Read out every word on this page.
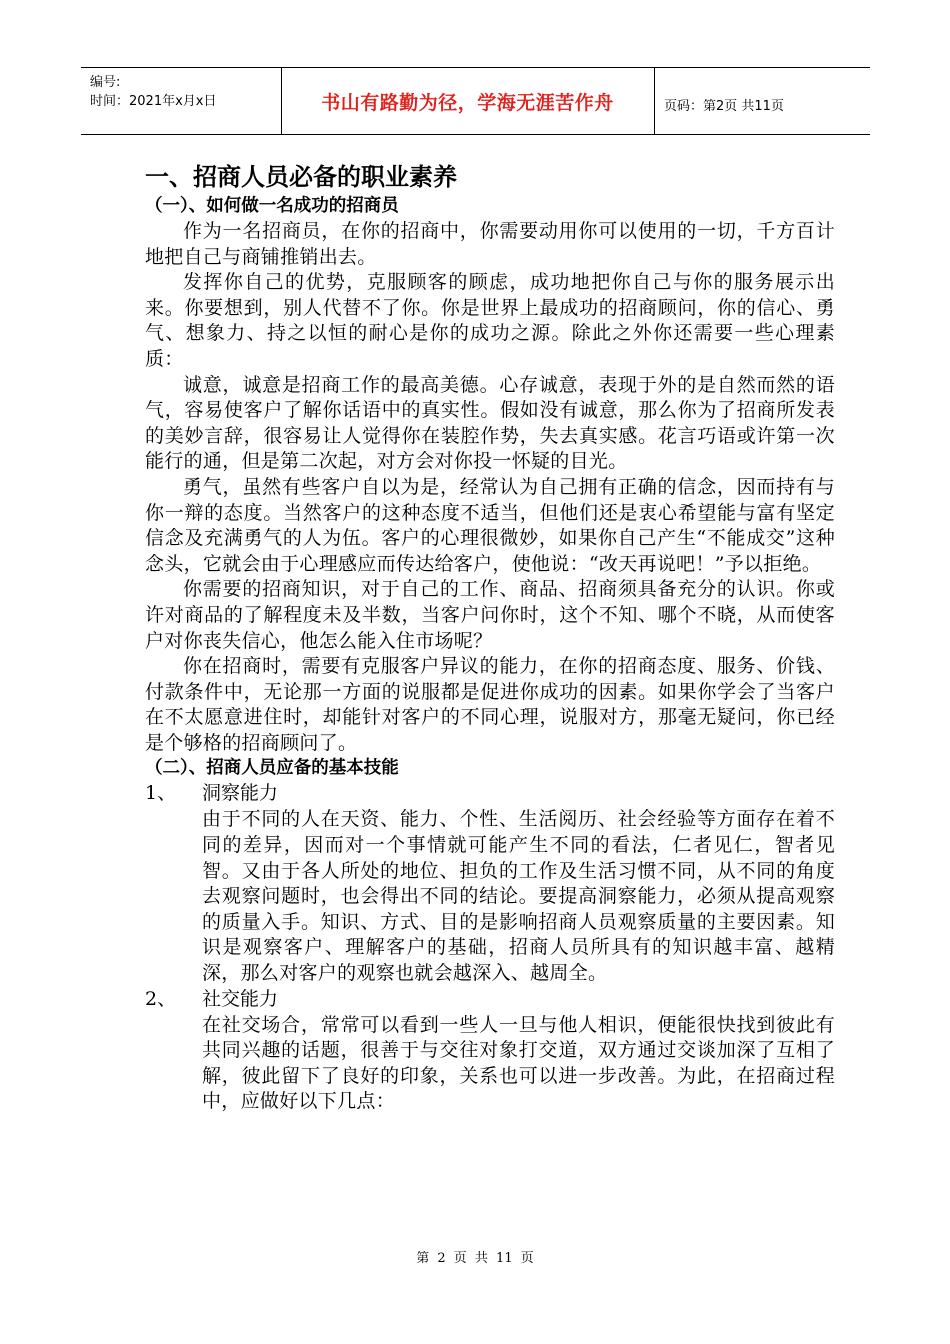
编号:
时间：2021年x月x日	书山有路勤为径，学海无涯苦作舟	页码：第2页 共11页
一、招商人员必备的职业素养
（一）、如何做一名成功的招商员

作为一名招商员，在你的招商中，你需要动用你可以使用的一切，千方百计地把自己与商铺推销出去。

发挥你自己的优势，克服顾客的顾虑，成功地把你自己与你的服务展示出来。你要想到，别人代替不了你。你是世界上最成功的招商顾问，你的信心、勇气、想象力、持之以恒的耐心是你的成功之源。除此之外你还需要一些心理素质：

诚意，诚意是招商工作的最高美德。心存诚意，表现于外的是自然而然的语气，容易使客户了解你话语中的真实性。假如没有诚意，那么你为了招商所发表的美妙言辞，很容易让人觉得你在装腔作势，失去真实感。花言巧语或许第一次能行的通，但是第二次起，对方会对你投一怀疑的目光。

勇气，虽然有些客户自以为是，经常认为自己拥有正确的信念，因而持有与你一辩的态度。当然客户的这种态度不适当，但他们还是衷心希望能与富有坚定信念及充满勇气的人为伍。客户的心理很微妙，如果你自己产生“不能成交”这种念头，它就会由于心理感应而传达给客户，使他说：“改天再说吧！”予以拒绝。

你需要的招商知识，对于自己的工作、商品、招商须具备充分的认识。你或许对商品的了解程度未及半数，当客户问你时，这个不知、哪个不晓，从而使客户对你丧失信心，他怎么能入住市场呢？

你在招商时，需要有克服客户异议的能力，在你的招商态度、服务、价钱、付款条件中，无论那一方面的说服都是促进你成功的因素。如果你学会了当客户在不太愿意进住时，却能针对客户的不同心理，说服对方，那毫无疑问，你已经是个够格的招商顾问了。

（二）、招商人员应备的基本技能
1、 洞察能力

由于不同的人在天资、能力、个性、生活阅历、社会经验等方面存在着不同的差异，因而对一个事情就可能产生不同的看法，仁者见仁，智者见智。又由于各人所处的地位、担负的工作及生活习惯不同，从不同的角度去观察问题时，也会得出不同的结论。要提高洞察能力，必须从提高观察的质量入手。知识、方式、目的是影响招商人员观察质量的主要因素。知识是观察客户、理解客户的基础，招商人员所具有的知识越丰富、越精深，那么对客户的观察也就会越深入、越周全。

2、 社交能力

在社交场合，常常可以看到一些人一旦与他人相识，便能很快找到彼此有共同兴趣的话题，很善于与交往对象打交道，双方通过交谈加深了互相了解，彼此留下了良好的印象，关系也可以进一步改善。为此，在招商过程中，应做好以下几点：

第 2 页 共 11 页
